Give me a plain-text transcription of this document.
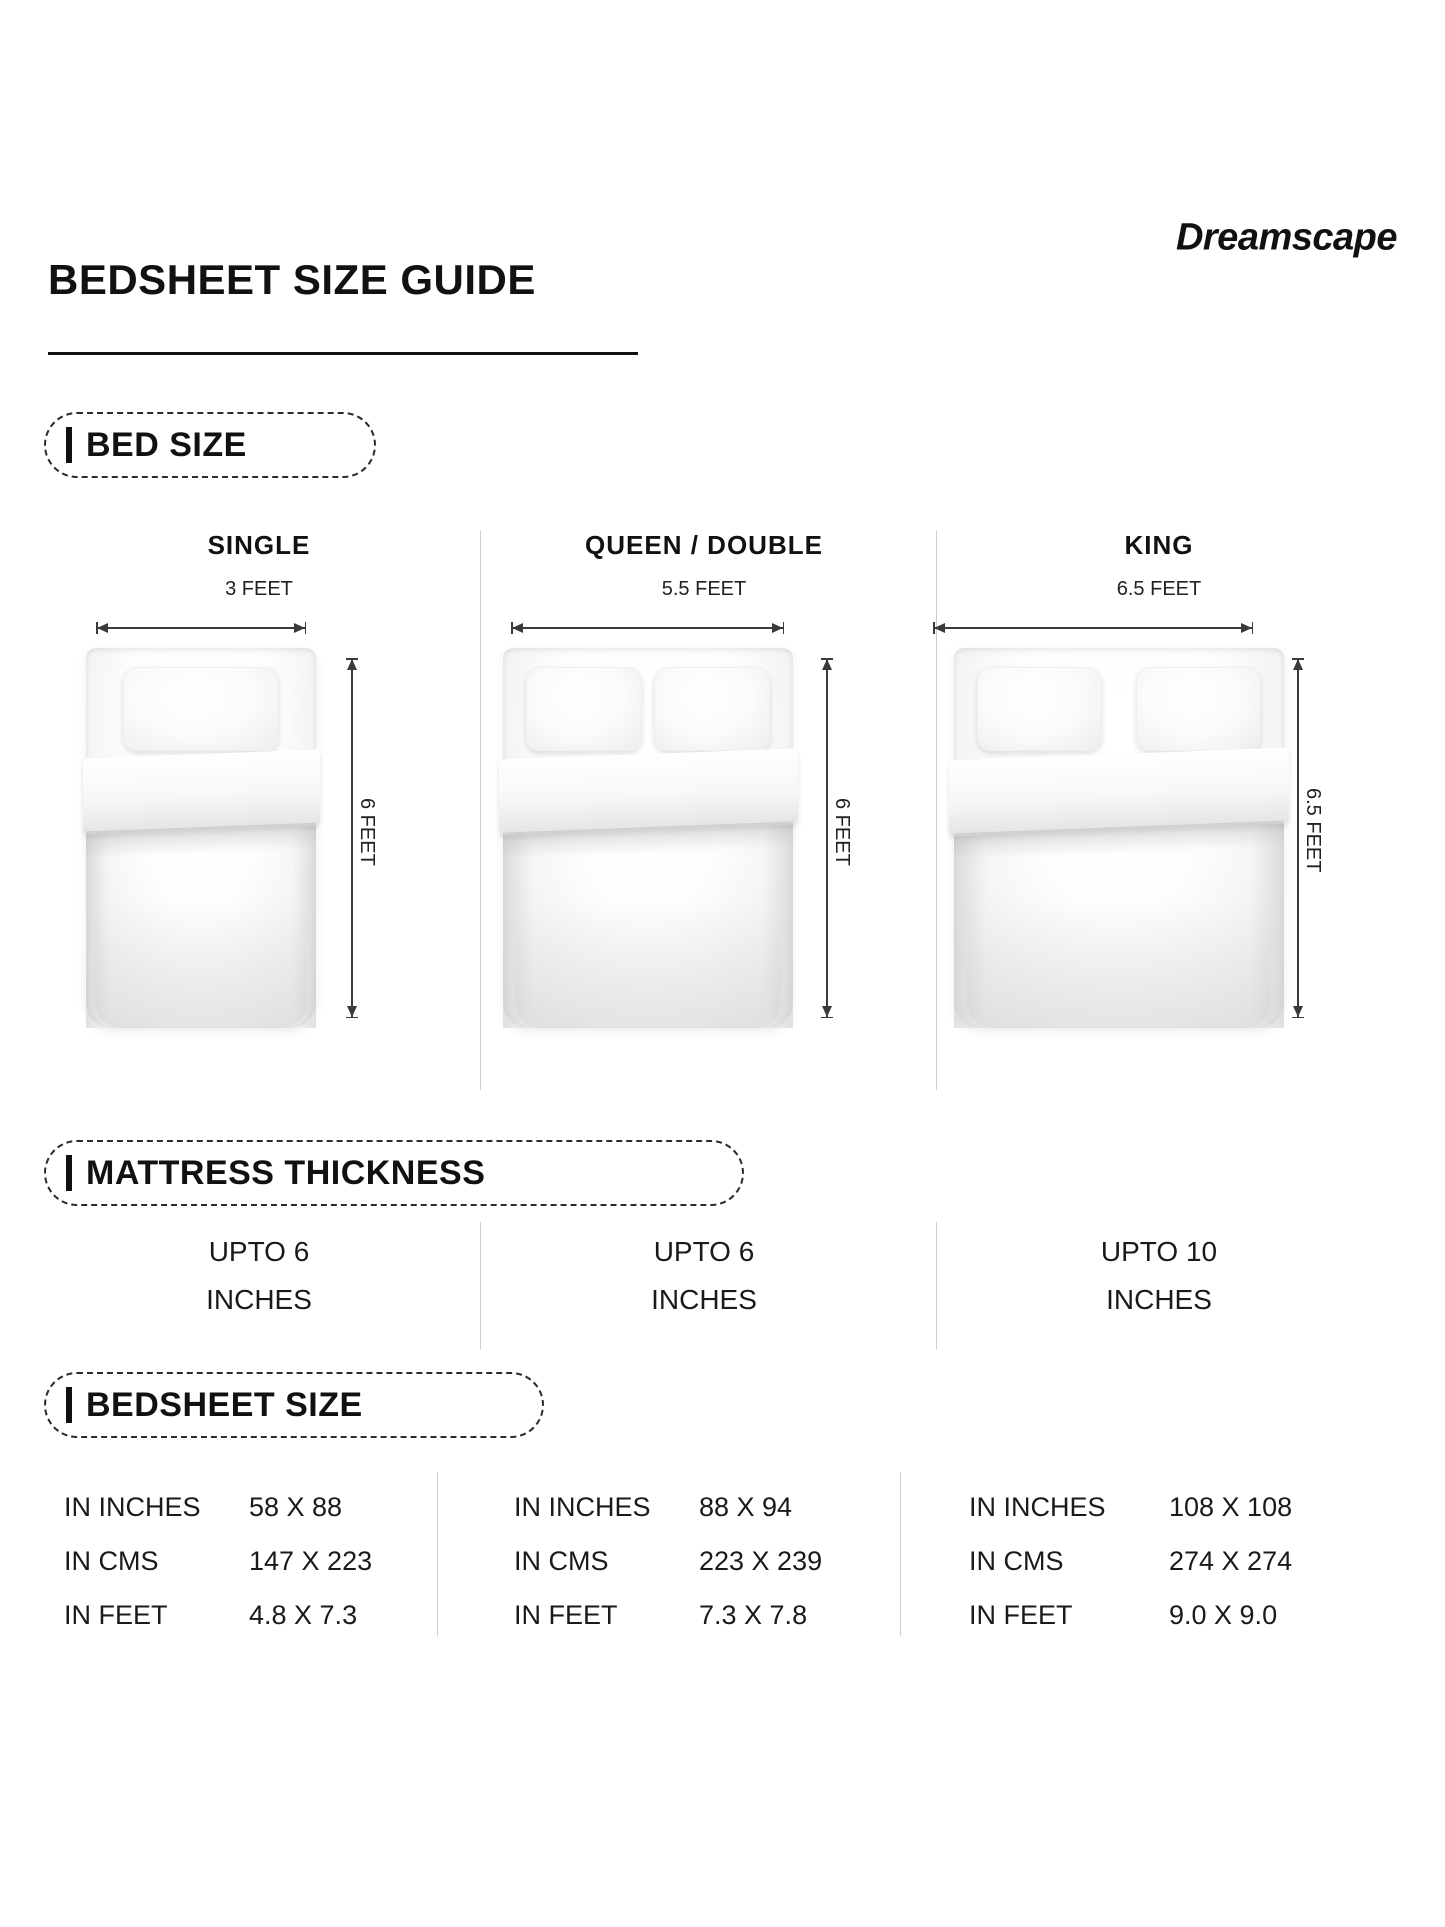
BEDSHEET SIZE GUIDE
Dreamscape
BED SIZE
SINGLE
3 FEET
6 FEET
QUEEN / DOUBLE
5.5 FEET
6 FEET
KING
6.5 FEET
6.5 FEET
MATTRESS THICKNESS
UPTO 6
INCHES
UPTO 6
INCHES
UPTO 10
INCHES
BEDSHEET SIZE
IN INCHES 58 X 88
IN CMS	147 X 223
IN FEET	4.8 X 7.3
IN INCHES 88 X 94
IN CMS	223 X 239
IN FEET	7.3 X 7.8
IN INCHES 108 X 108
IN CMS	274 X 274
IN FEET	9.0 X 9.0
